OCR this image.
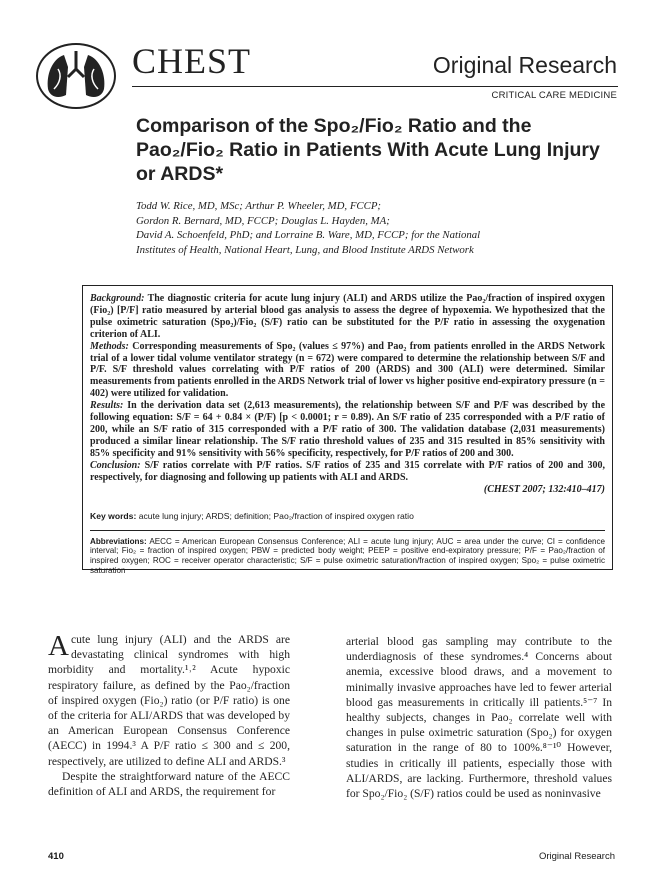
CHEST	Original Research
CRITICAL CARE MEDICINE
Comparison of the Spo₂/Fio₂ Ratio and the Pao₂/Fio₂ Ratio in Patients With Acute Lung Injury or ARDS*
Todd W. Rice, MD, MSc; Arthur P. Wheeler, MD, FCCP;
Gordon R. Bernard, MD, FCCP; Douglas L. Hayden, MA;
David A. Schoenfeld, PhD; and Lorraine B. Ware, MD, FCCP; for the National
Institutes of Health, National Heart, Lung, and Blood Institute ARDS Network
Background: The diagnostic criteria for acute lung injury (ALI) and ARDS utilize the Pao₂/fraction of inspired oxygen (Fio₂) [P/F] ratio measured by arterial blood gas analysis to assess the degree of hypoxemia. We hypothesized that the pulse oximetric saturation (Spo₂)/Fio₂ (S/F) ratio can be substituted for the P/F ratio in assessing the oxygenation criterion of ALI.
Methods: Corresponding measurements of Spo₂ (values ≤ 97%) and Pao₂ from patients enrolled in the ARDS Network trial of a lower tidal volume ventilator strategy (n = 672) were compared to determine the relationship between S/F and P/F. S/F threshold values correlating with P/F ratios of 200 (ARDS) and 300 (ALI) were determined. Similar measurements from patients enrolled in the ARDS Network trial of lower vs higher positive end-expiratory pressure (n = 402) were utilized for validation.
Results: In the derivation data set (2,613 measurements), the relationship between S/F and P/F was described by the following equation: S/F = 64 + 0.84 × (P/F) [p < 0.0001; r = 0.89). An S/F ratio of 235 corresponded with a P/F ratio of 200, while an S/F ratio of 315 corresponded with a P/F ratio of 300. The validation database (2,031 measurements) produced a similar linear relationship. The S/F ratio threshold values of 235 and 315 resulted in 85% sensitivity with 85% specificity and 91% sensitivity with 56% specificity, respectively, for P/F ratios of 200 and 300.
Conclusion: S/F ratios correlate with P/F ratios. S/F ratios of 235 and 315 correlate with P/F ratios of 200 and 300, respectively, for diagnosing and following up patients with ALI and ARDS.
(CHEST 2007; 132:410–417)
Key words: acute lung injury; ARDS; definition; Pao₂/fraction of inspired oxygen ratio
Abbreviations: AECC = American European Consensus Conference; ALI = acute lung injury; AUC = area under the curve; CI = confidence interval; Fio₂ = fraction of inspired oxygen; PBW = predicted body weight; PEEP = positive end-expiratory pressure; P/F = Pao₂/fraction of inspired oxygen; ROC = receiver operator characteristic; S/F = pulse oximetric saturation/fraction of inspired oxygen; Spo₂ = pulse oximetric saturation
A cute lung injury (ALI) and the ARDS are devastating clinical syndromes with high morbidity and mortality.¹˒² Acute hypoxic respiratory failure, as defined by the Pao₂/fraction of inspired oxygen (Fio₂) ratio (or P/F ratio) is one of the criteria for ALI/ARDS that was developed by an American European Consensus Conference (AECC) in 1994.³ A P/F ratio ≤ 300 and ≤ 200, respectively, are utilized to define ALI and ARDS.³
Despite the straightforward nature of the AECC definition of ALI and ARDS, the requirement for
arterial blood gas sampling may contribute to the underdiagnosis of these syndromes.⁴ Concerns about anemia, excessive blood draws, and a movement to minimally invasive approaches have led to fewer arterial blood gas measurements in critically ill patients.⁵⁻⁷ In healthy subjects, changes in Pao₂ correlate well with changes in pulse oximetric saturation (Spo₂) for oxygen saturation in the range of 80 to 100%.⁸⁻¹⁰ However, studies in critically ill patients, especially those with ALI/ARDS, are lacking. Furthermore, threshold values for Spo₂/Fio₂ (S/F) ratios could be used as noninvasive
410	Original Research
